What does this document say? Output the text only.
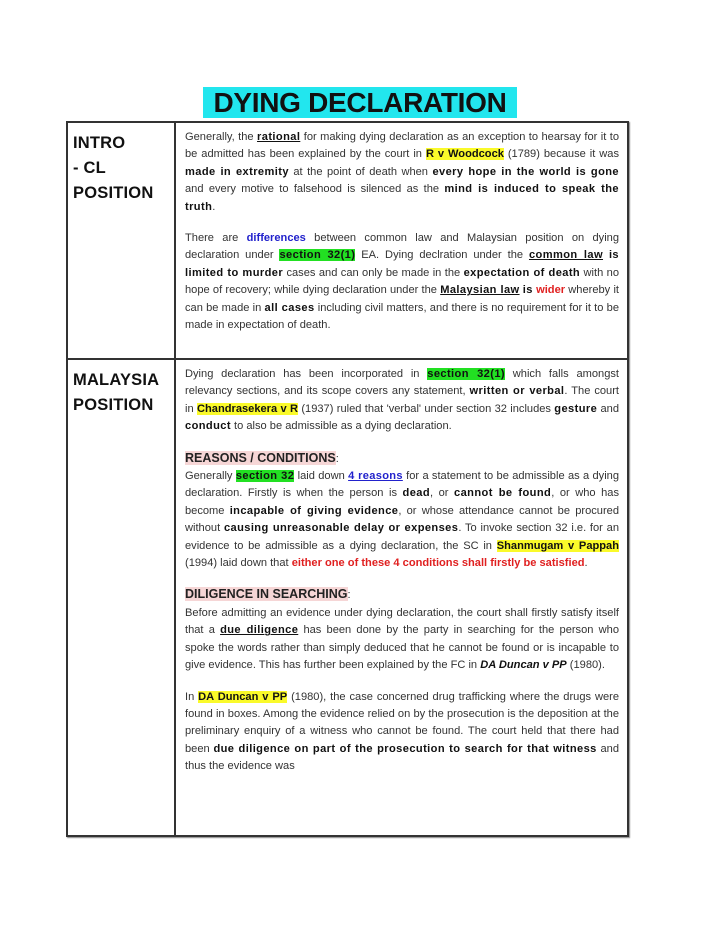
DYING DECLARATION
INTRO
- CL
POSITION

Generally, the rational for making dying declaration as an exception to hearsay for it to be admitted has been explained by the court in R v Woodcock (1789) because it was made in extremity at the point of death when every hope in the world is gone and every motive to falsehood is silenced as the mind is induced to speak the truth.

There are differences between common law and Malaysian position on dying declaration under section 32(1) EA. Dying declration under the common law is limited to murder cases and can only be made in the expectation of death with no hope of recovery; while dying declaration under the Malaysian law is wider whereby it can be made in all cases including civil matters, and there is no requirement for it to be made in expectation of death.

MALAYSIA
POSITION

Dying declaration has been incorporated in section 32(1) which falls amongst relevancy sections, and its scope covers any statement, written or verbal. The court in Chandrasekera v R (1937) ruled that 'verbal' under section 32 includes gesture and conduct to also be admissible as a dying declaration.

REASONS / CONDITIONS:

Generally section 32 laid down 4 reasons for a statement to be admissible as a dying declaration. Firstly is when the person is dead, or cannot be found, or who has become incapable of giving evidence, or whose attendance cannot be procured without causing unreasonable delay or expenses. To invoke section 32 i.e. for an evidence to be admissible as a dying declaration, the SC in Shanmugam v Pappah (1994) laid down that either one of these 4 conditions shall firstly be satisfied.

DILIGENCE IN SEARCHING:

Before admitting an evidence under dying declaration, the court shall firstly satisfy itself that a due diligence has been done by the party in searching for the person who spoke the words rather than simply deduced that he cannot be found or is incapable to give evidence. This has further been explained by the FC in DA Duncan v PP (1980).

In DA Duncan v PP (1980), the case concerned drug trafficking where the drugs were found in boxes. Among the evidence relied on by the prosecution is the deposition at the preliminary enquiry of a witness who cannot be found. The court held that there had been due diligence on part of the prosecution to search for that witness and thus the evidence was
